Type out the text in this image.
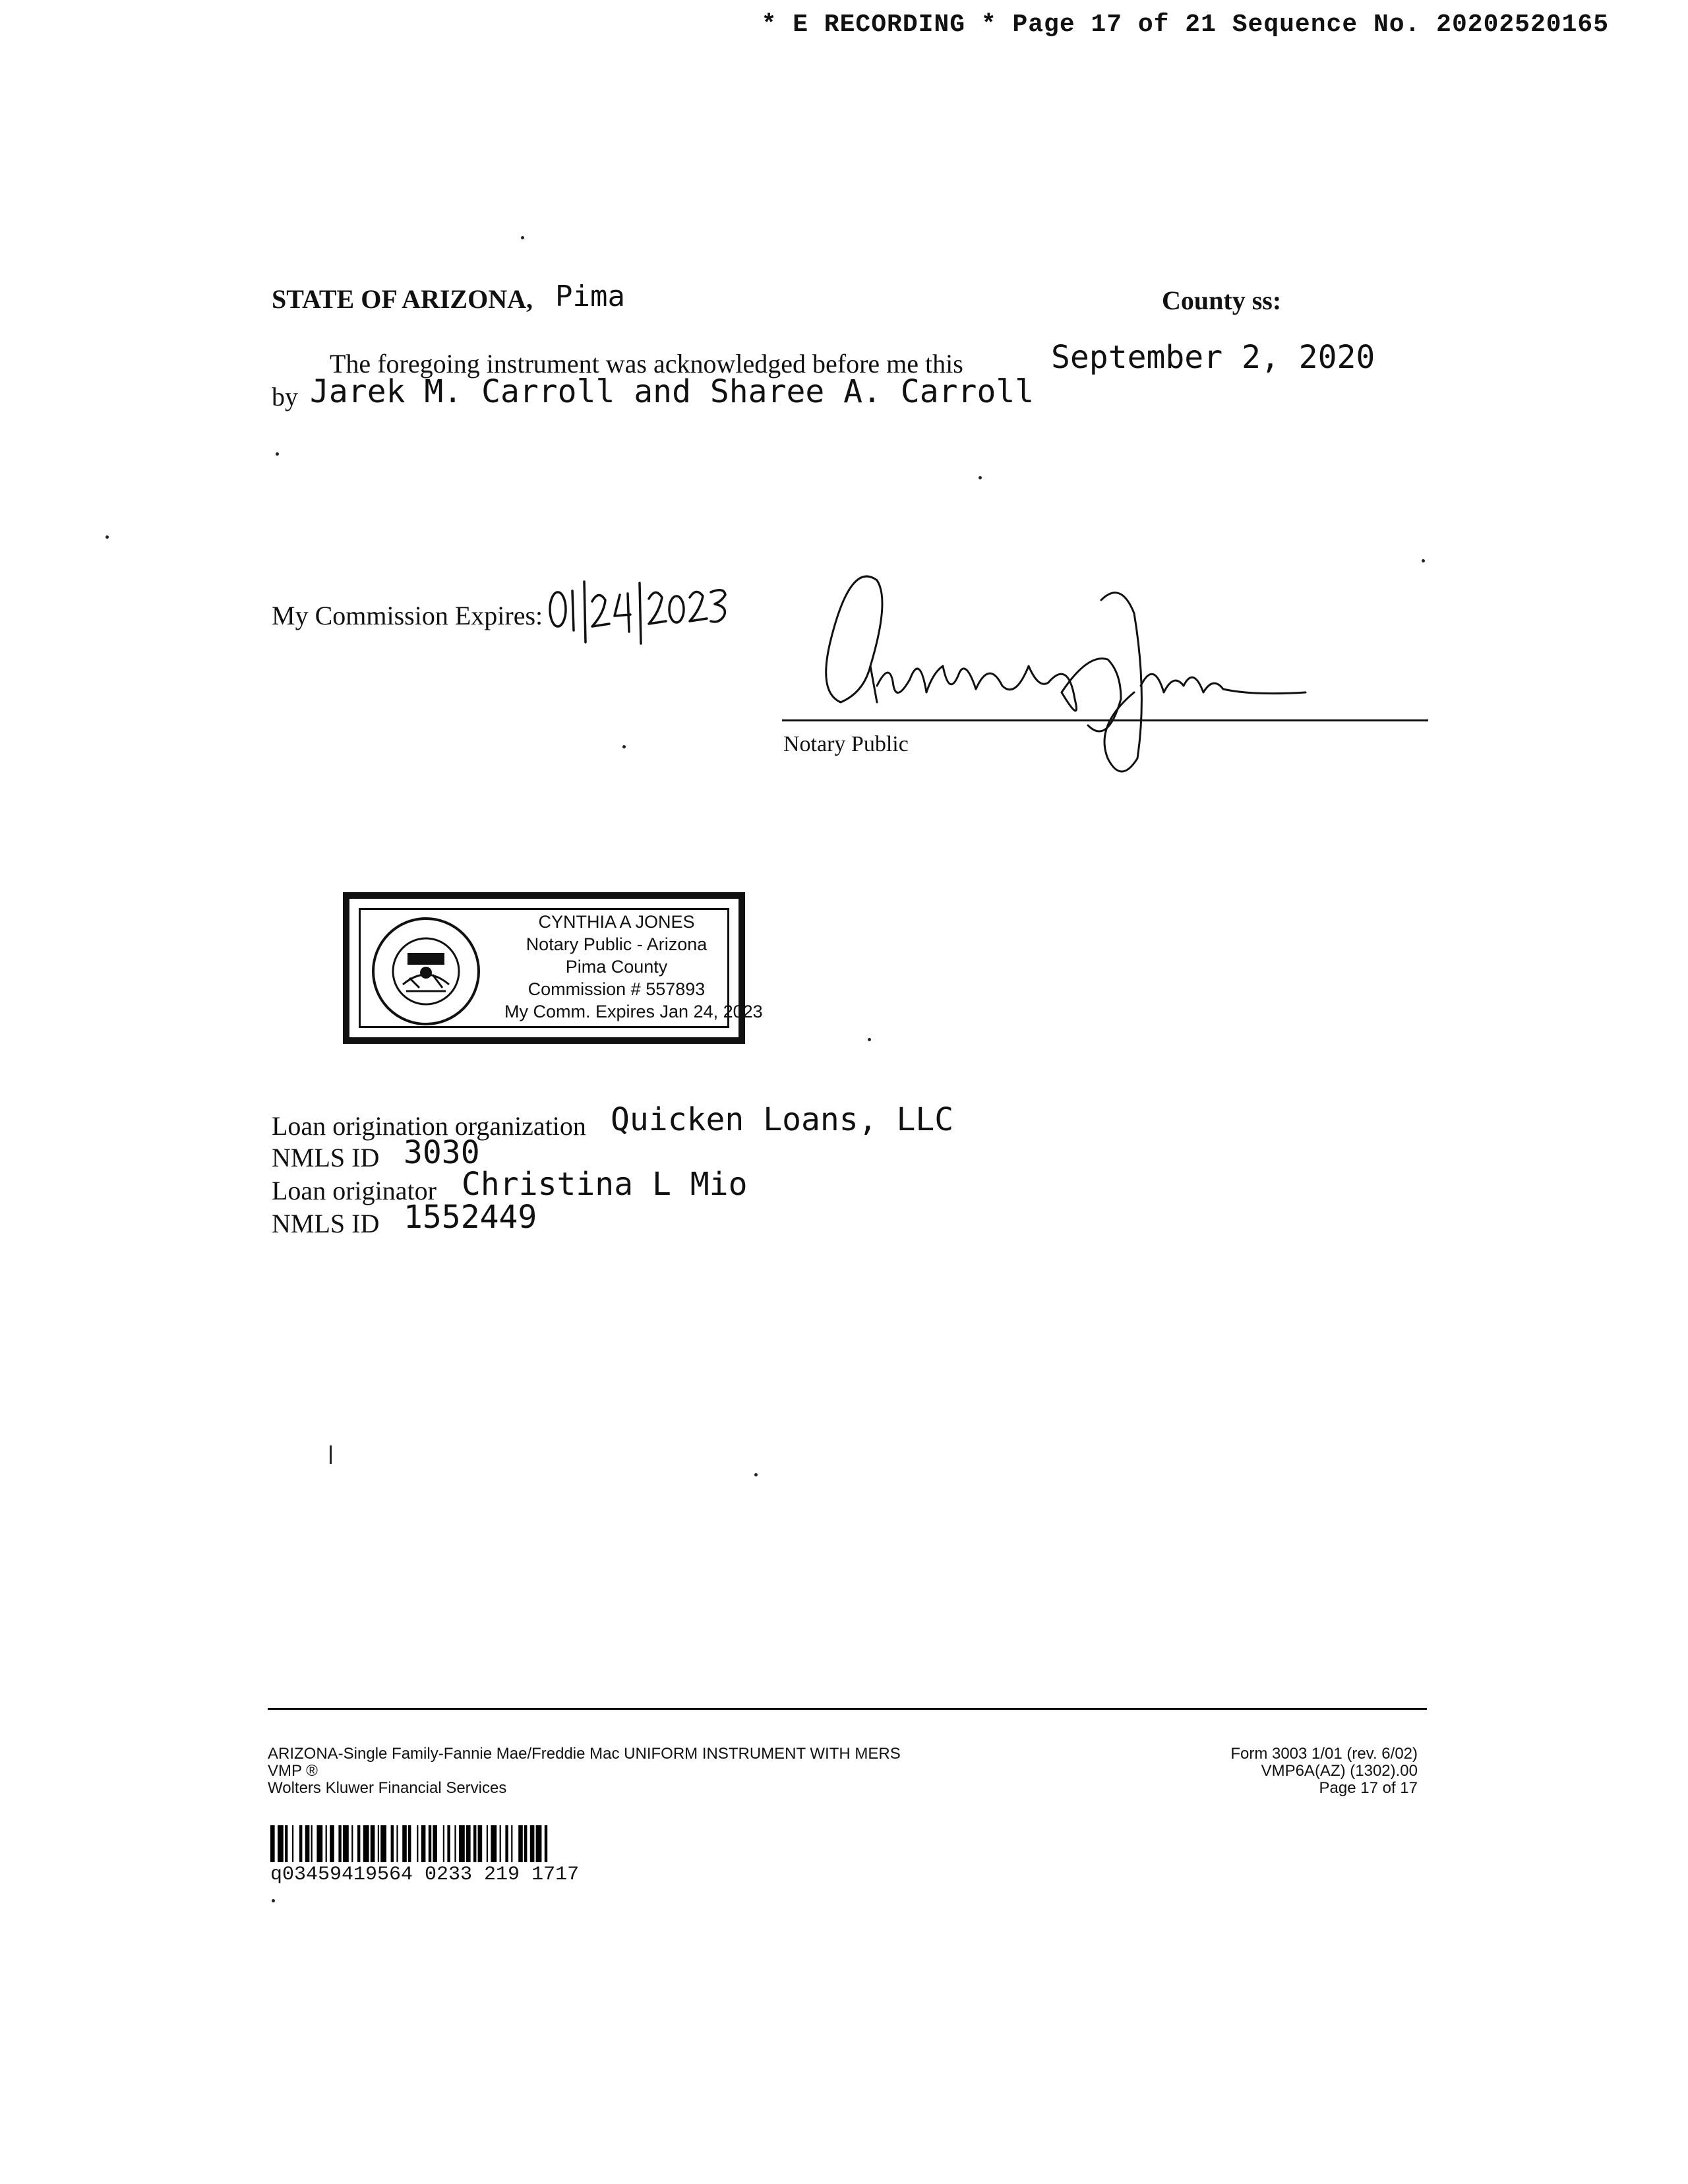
* E RECORDING * Page 17 of 21 Sequence No. 20202520165
STATE OF ARIZONA, Pima	County ss:
The foregoing instrument was acknowledged before me this	September 2, 2020
by Jarek M. Carroll and Sharee A. Carroll
My Commission Expires:
Notary Public
CYNTHIA A JONES
Notary Public - Arizona
Pima County
Commission # 557893
My Comm. Expires Jan 24, 2023
Loan origination organization Quicken Loans, LLC
NMLS ID 3030
Loan originator Christina L Mio
NMLS ID 1552449
ARIZONA-Single Family-Fannie Mae/Freddie Mac UNIFORM INSTRUMENT WITH MERS
VMP ®
Wolters Kluwer Financial Services
Form 3003 1/01 (rev. 6/02)
VMP6A(AZ) (1302).00
Page 17 of 17
q03459419564 0233 219 1717
